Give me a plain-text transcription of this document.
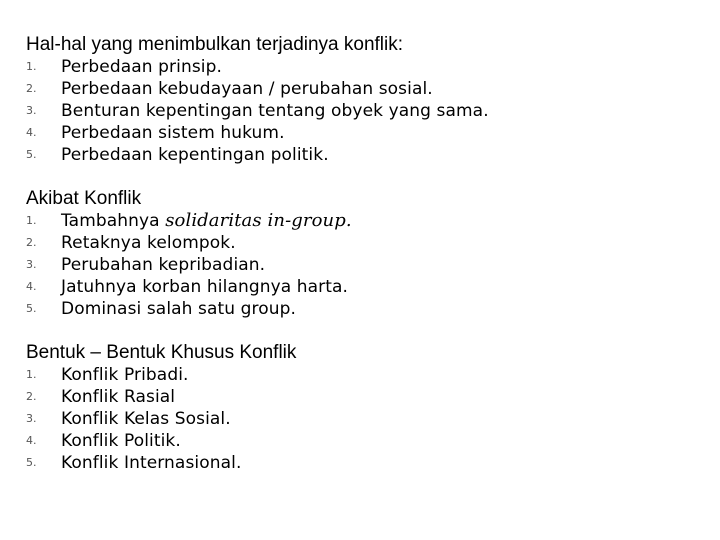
Hal-hal yang menimbulkan terjadinya konflik:
1.	Perbedaan prinsip.
2.	Perbedaan kebudayaan / perubahan sosial.
3.	Benturan kepentingan tentang obyek yang sama.
4.	Perbedaan sistem hukum.
5.	Perbedaan kepentingan politik.
Akibat Konflik
1.	Tambahnya solidaritas in-group.
2.	Retaknya kelompok.
3.	Perubahan kepribadian.
4.	Jatuhnya korban hilangnya harta.
5.	Dominasi salah satu group.
Bentuk – Bentuk Khusus Konflik
1.	Konflik Pribadi.
2.	Konflik Rasial
3.	Konflik Kelas Sosial.
4.	Konflik Politik.
5.	Konflik Internasional.
